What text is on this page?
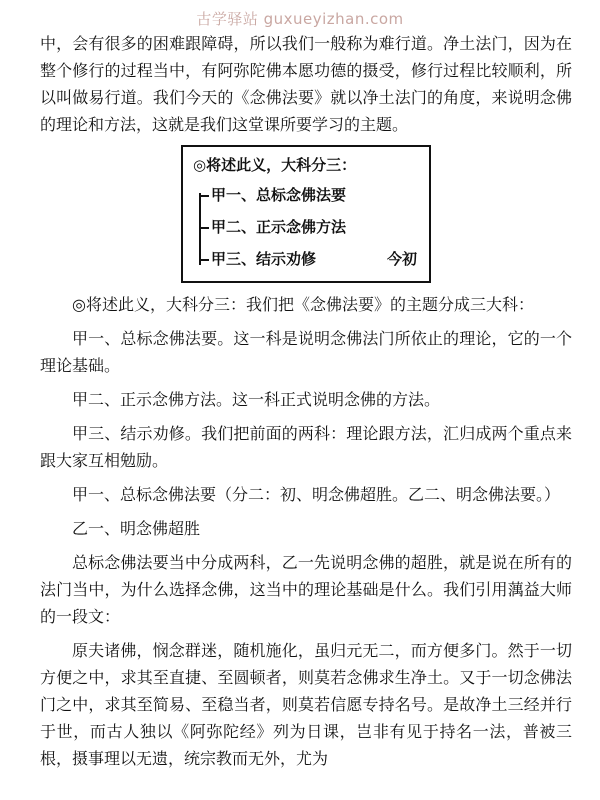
古学驿站 guxueyizhan.com

中，会有很多的困难跟障碍，所以我们一般称为难行道。净土法门，因为在整个修行的过程当中，有阿弥陀佛本愿功德的摄受，修行过程比较顺利，所以叫做易行道。我们今天的《念佛法要》就以净土法门的角度，来说明念佛的理论和方法，这就是我们这堂课所要学习的主题。

◎将述此义，大科分三：
甲一、总标念佛法要
甲二、正示念佛方法
甲三、结示劝修	今初

◎将述此义，大科分三：我们把《念佛法要》的主题分成三大科：

甲一、总标念佛法要。这一科是说明念佛法门所依止的理论，它的一个理论基础。

甲二、正示念佛方法。这一科正式说明念佛的方法。

甲三、结示劝修。我们把前面的两科：理论跟方法，汇归成两个重点来跟大家互相勉励。

甲一、总标念佛法要（分二：初、明念佛超胜。乙二、明念佛法要。）

乙一、明念佛超胜

总标念佛法要当中分成两科，乙一先说明念佛的超胜，就是说在所有的法门当中，为什么选择念佛，这当中的理论基础是什么。我们引用蕅益大师的一段文：

原夫诸佛，悯念群迷，随机施化，虽归元无二，而方便多门。然于一切方便之中，求其至直捷、至圆顿者，则莫若念佛求生净土。又于一切念佛法门之中，求其至简易、至稳当者，则莫若信愿专持名号。是故净土三经并行于世，而古人独以《阿弥陀经》列为日课，岂非有见于持名一法，普被三根，摄事理以无遗，统宗教而无外，尤为
